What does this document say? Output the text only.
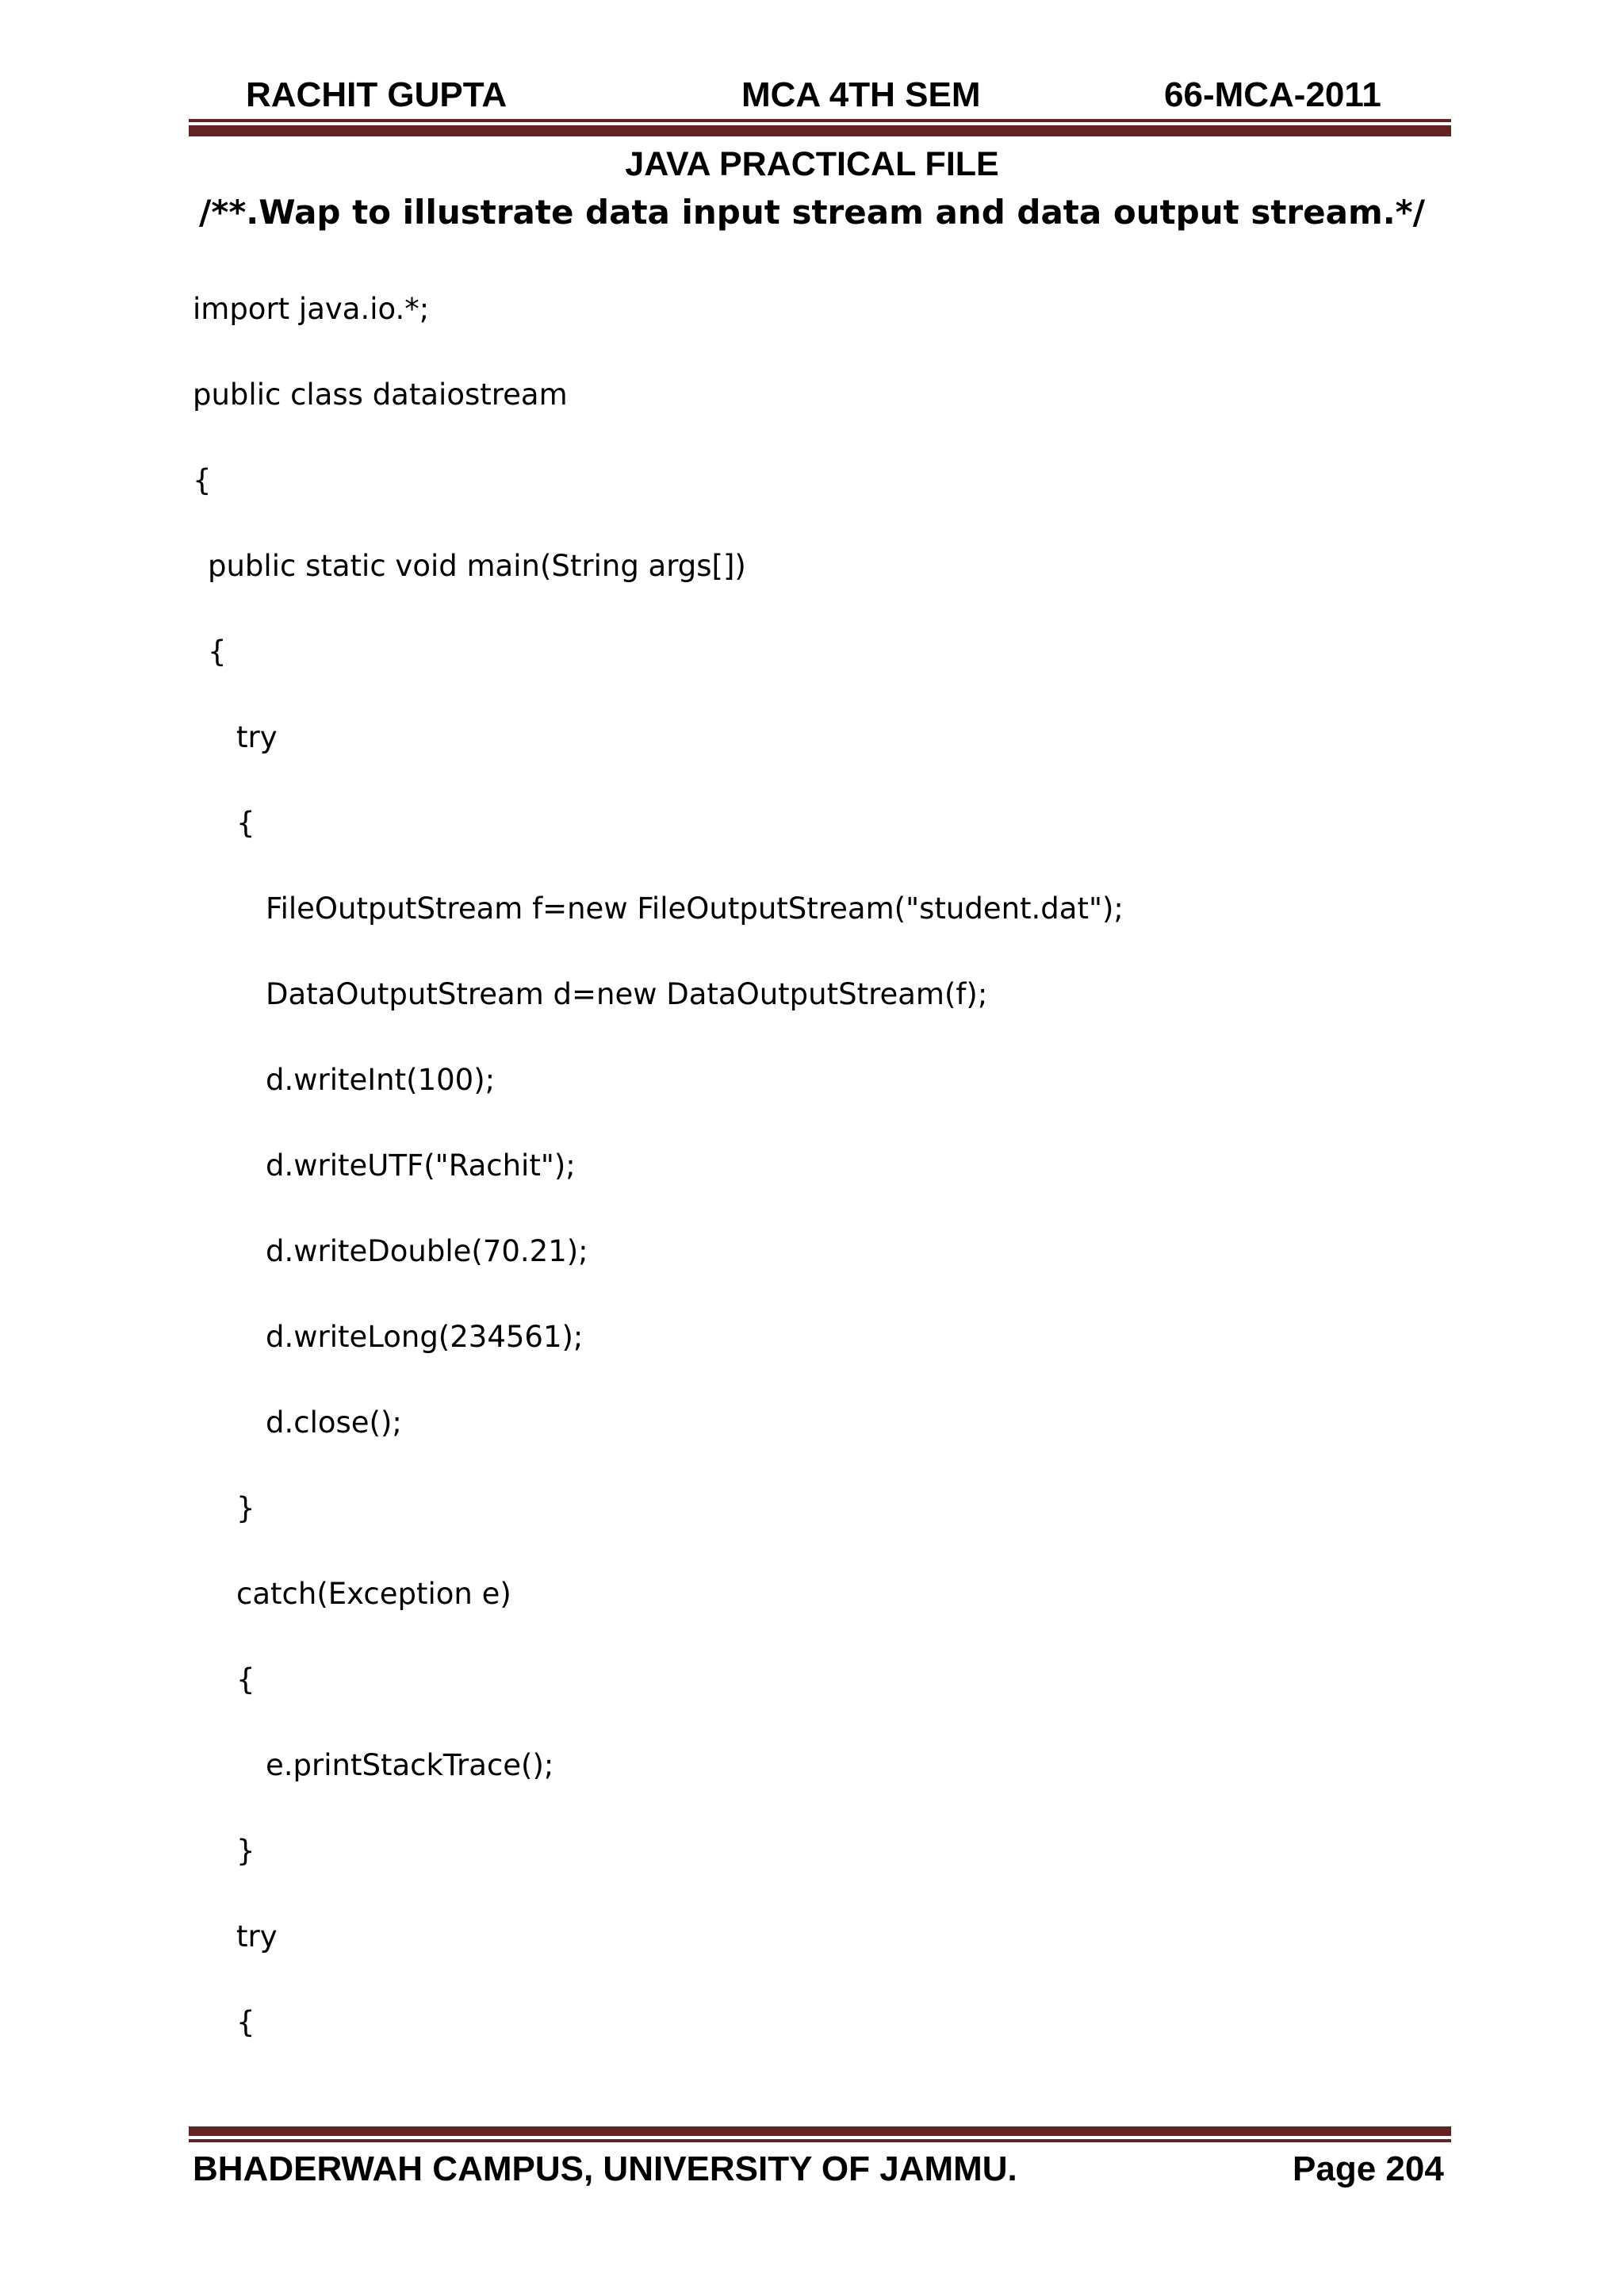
RACHIT GUPTA	MCA 4TH SEM	66-MCA-2011
JAVA PRACTICAL FILE
/**.Wap to illustrate data input stream and data output stream.*/
import java.io.*;
public class dataiostream
{
public static void main(String args[])
{
try
{
FileOutputStream f=new FileOutputStream("student.dat");
DataOutputStream d=new DataOutputStream(f);
d.writeInt(100);
d.writeUTF("Rachit");
d.writeDouble(70.21);
d.writeLong(234561);
d.close();
}
catch(Exception e)
{
e.printStackTrace();
}
try
{
BHADERWAH CAMPUS, UNIVERSITY OF JAMMU.	Page 204
